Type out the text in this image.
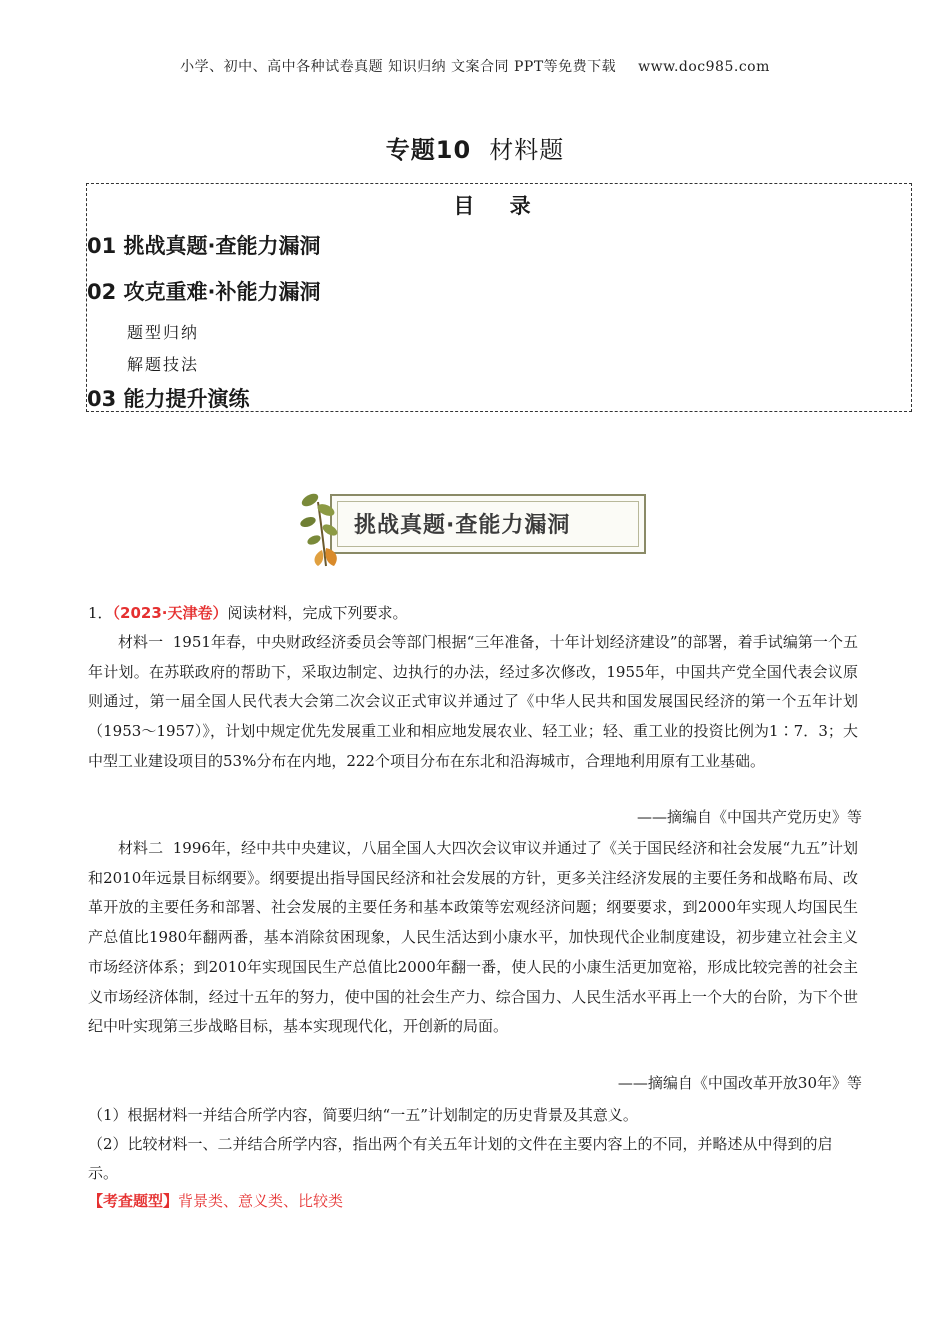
小学、初中、高中各种试卷真题 知识归纳 文案合同 PPT等免费下载 www.doc985.com
专题10 材料题
目 录
01 挑战真题·查能力漏洞
02 攻克重难·补能力漏洞
题型归纳
解题技法
03 能力提升演练
挑战真题·查能力漏洞
1．（2023·天津卷）阅读材料，完成下列要求。
材料一 1951年春，中央财政经济委员会等部门根据“三年准备，十年计划经济建设”的部署，着手试编第一个五年计划。在苏联政府的帮助下，采取边制定、边执行的办法，经过多次修改，1955年，中国共产党全国代表会议原则通过，第一届全国人民代表大会第二次会议正式审议并通过了《中华人民共和国发展国民经济的第一个五年计划（1953～1957）》，计划中规定优先发展重工业和相应地发展农业、轻工业；轻、重工业的投资比例为1∶7．3；大中型工业建设项目的53%分布在内地，222个项目分布在东北和沿海城市，合理地利用原有工业基础。
——摘编自《中国共产党历史》等
材料二 1996年，经中共中央建议，八届全国人大四次会议审议并通过了《关于国民经济和社会发展“九五”计划和2010年远景目标纲要》。纲要提出指导国民经济和社会发展的方针，更多关注经济发展的主要任务和战略布局、改革开放的主要任务和部署、社会发展的主要任务和基本政策等宏观经济问题；纲要要求，到2000年实现人均国民生产总值比1980年翻两番，基本消除贫困现象，人民生活达到小康水平，加快现代企业制度建设，初步建立社会主义市场经济体系；到2010年实现国民生产总值比2000年翻一番，使人民的小康生活更加宽裕，形成比较完善的社会主义市场经济体制，经过十五年的努力，使中国的社会生产力、综合国力、人民生活水平再上一个大的台阶，为下个世纪中叶实现第三步战略目标，基本实现现代化，开创新的局面。
——摘编自《中国改革开放30年》等
（1）根据材料一并结合所学内容，简要归纳“一五”计划制定的历史背景及其意义。
（2）比较材料一、二并结合所学内容，指出两个有关五年计划的文件在主要内容上的不同，并略述从中得到的启示。
【考查题型】背景类、意义类、比较类
